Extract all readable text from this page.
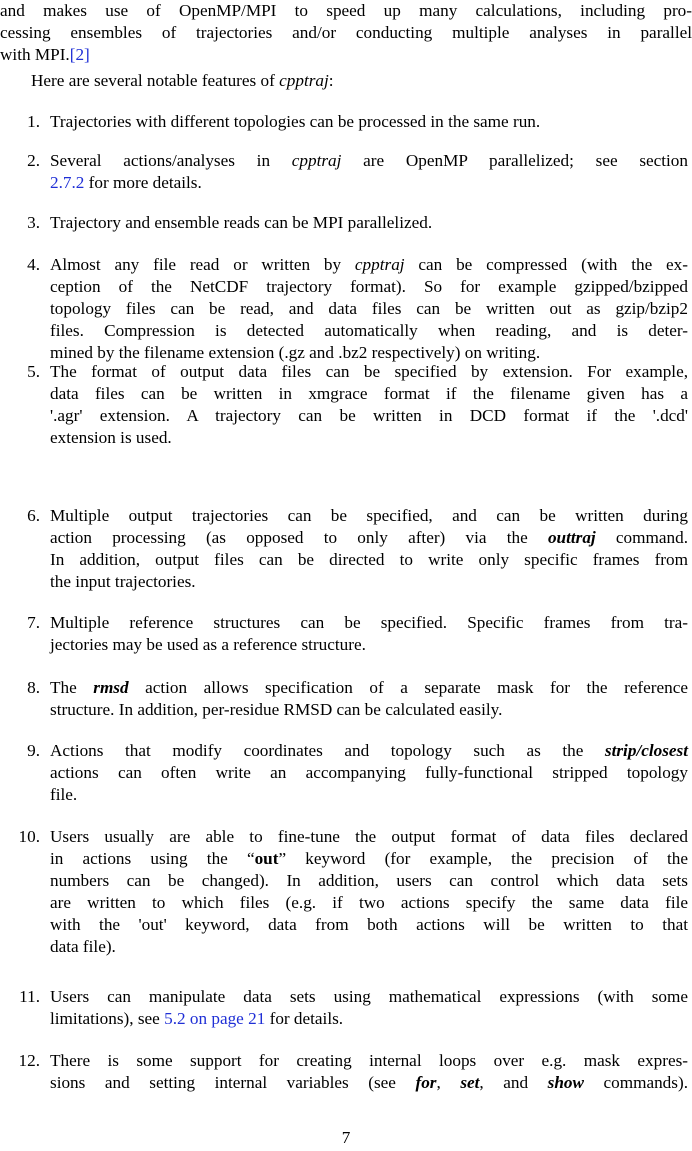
and makes use of OpenMP/MPI to speed up many calculations, including pro-
cessing ensembles of trajectories and/or conducting multiple analyses in parallel
with MPI.[2]
Here are several notable features of cpptraj:
1. Trajectories with different topologies can be processed in the same run.
2. Several actions/analyses in cpptraj are OpenMP parallelized; see section
2.7.2 for more details.
3. Trajectory and ensemble reads can be MPI parallelized.
4. Almost any file read or written by cpptraj can be compressed (with the ex-
ception of the NetCDF trajectory format). So for example gzipped/bzipped
topology files can be read, and data files can be written out as gzip/bzip2
files. Compression is detected automatically when reading, and is deter-
mined by the filename extension (.gz and .bz2 respectively) on writing.
5. The format of output data files can be specified by extension. For example,
data files can be written in xmgrace format if the filename given has a
'.agr' extension. A trajectory can be written in DCD format if the '.dcd'
extension is used.
6. Multiple output trajectories can be specified, and can be written during
action processing (as opposed to only after) via the outtraj command.
In addition, output files can be directed to write only specific frames from
the input trajectories.
7. Multiple reference structures can be specified. Specific frames from tra-
jectories may be used as a reference structure.
8. The rmsd action allows specification of a separate mask for the reference
structure. In addition, per-residue RMSD can be calculated easily.
9. Actions that modify coordinates and topology such as the strip/closest
actions can often write an accompanying fully-functional stripped topology
file.
10. Users usually are able to fine-tune the output format of data files declared
in actions using the “out” keyword (for example, the precision of the
numbers can be changed). In addition, users can control which data sets
are written to which files (e.g. if two actions specify the same data file
with the 'out' keyword, data from both actions will be written to that
data file).
11. Users can manipulate data sets using mathematical expressions (with some
limitations), see 5.2 on page 21 for details.
12. There is some support for creating internal loops over e.g. mask expres-
sions and setting internal variables (see for, set, and show commands).
7
